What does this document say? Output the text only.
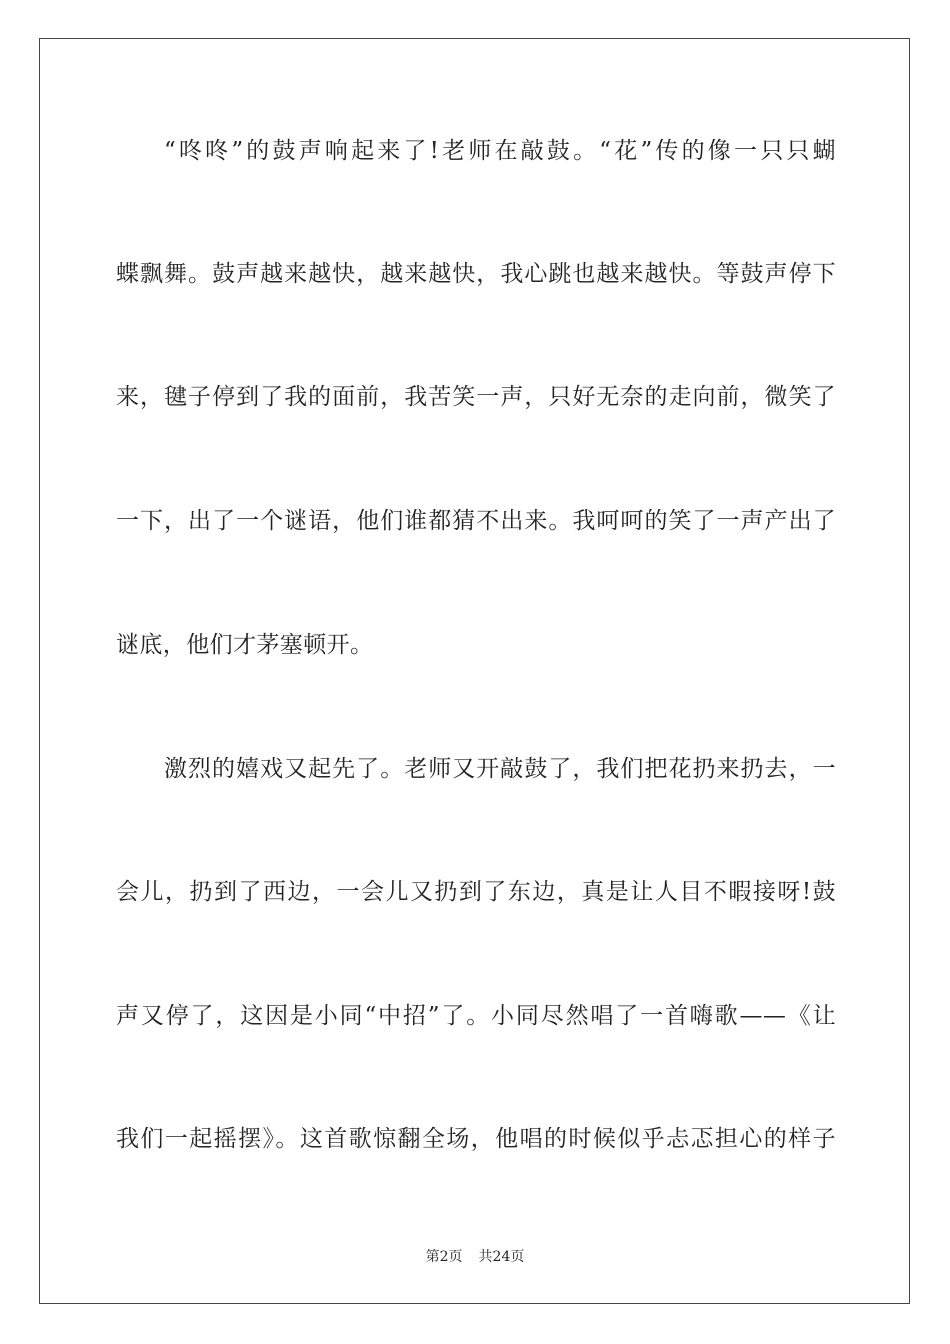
“咚咚”的鼓声响起来了!老师在敲鼓。“花”传的像一只只蝴
蝶飘舞。鼓声越来越快，越来越快，我心跳也越来越快。等鼓声停下
来，毽子停到了我的面前，我苦笑一声，只好无奈的走向前，微笑了
一下，出了一个谜语，他们谁都猜不出来。我呵呵的笑了一声产出了
谜底，他们才茅塞顿开。
激烈的嬉戏又起先了。老师又开敲鼓了，我们把花扔来扔去，一
会儿，扔到了西边，一会儿又扔到了东边，真是让人目不暇接呀!鼓
声又停了，这因是小同“中招”了。小同尽然唱了一首嗨歌——《让
我们一起摇摆》。这首歌惊翻全场，他唱的时候似乎忐忑担心的样子
第2页 共24页
